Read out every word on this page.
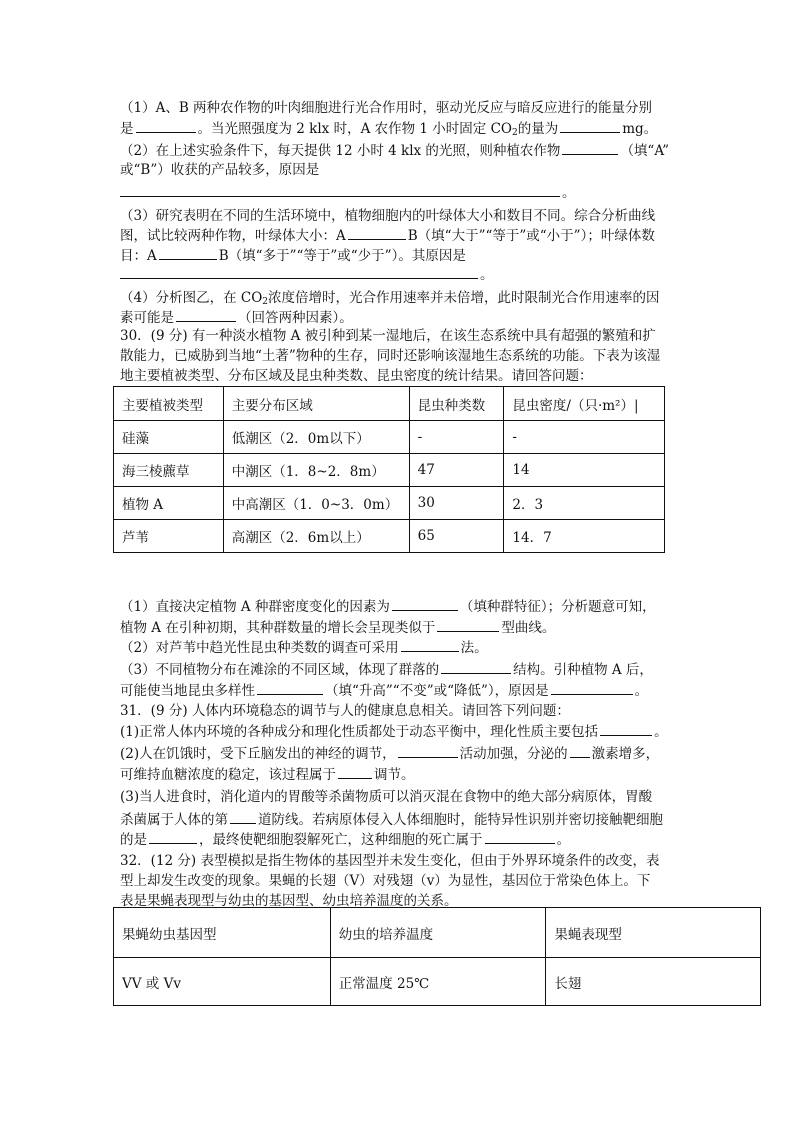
（1）A、B 两种农作物的叶肉细胞进行光合作用时，驱动光反应与暗反应进行的能量分别
是	。当光照强度为 2 klx 时，A 农作物 1 小时固定 $CO_2$的量为	mg。
（2）在上述实验条件下，每天提供 12 小时 4 klx 的光照，则种植农作物	（填“A”
或“B”）收获的产品较多，原因是
。
（3）研究表明在不同的生活环境中，植物细胞内的叶绿体大小和数目不同。综合分析曲线
图，试比较两种作物，叶绿体大小：A	B（填“大于”“等于”或“小于”）；叶绿体数
目：A	B（填“多于”“等于”或“少于”）。其原因是
。
（4）分析图乙，在 $CO_2$浓度倍增时，光合作用速率并未倍增，此时限制光合作用速率的因
素可能是	（回答两种因素）。
30．(9 分) 有一种淡水植物 A 被引种到某一湿地后，在该生态系统中具有超强的繁殖和扩
散能力，已威胁到当地“土著”物种的生存，同时还影响该湿地生态系统的功能。下表为该湿
地主要植被类型、分布区域及昆虫种类数、昆虫密度的统计结果。请回答问题：
主要植被类型	主要分布区域	昆虫种类数	昆虫密度/（只·m²）|
硅藻	低潮区（2．0m以下）	-	-
海三棱藨草	中潮区（1．8~2．8m）	47	14
植物 A	中高潮区（1．0~3．0m）	30	2．3
芦苇	高潮区（2．6m以上）	65	14．7
（1）直接决定植物 A 种群密度变化的因素为	（填种群特征）；分析题意可知，
植物 A 在引种初期，其种群数量的增长会呈现类似于	型曲线。
（2）对芦苇中趋光性昆虫种类数的调查可采用	法。
（3）不同植物分布在滩涂的不同区域，体现了群落的	结构。引种植物 A 后，
可能使当地昆虫多样性	（填“升高”“不变”或“降低”），原因是	。
31．(9 分) 人体内环境稳态的调节与人的健康息息相关。请回答下列问题：
(1)正常人体内环境的各种成分和理化性质都处于动态平衡中，理化性质主要包括	。
(2)人在饥饿时，受下丘脑发出的神经的调节，	活动加强，分泌的 激素增多，
可维持血糖浓度的稳定，该过程属于	调节。
(3)当人进食时，消化道内的胃酸等杀菌物质可以消灭混在食物中的绝大部分病原体，胃酸
杀菌属于人体的第 道防线。若病原体侵入人体细胞时，能特异性识别并密切接触靶细胞
的是	，最终使靶细胞裂解死亡，这种细胞的死亡属于	。
32．(12 分) 表型模拟是指生物体的基因型并未发生变化，但由于外界环境条件的改变，表
型上却发生改变的现象。果蝇的长翅（V）对残翅（v）为显性，基因位于常染色体上。下
表是果蝇表现型与幼虫的基因型、幼虫培养温度的关系。
果蝇幼虫基因型	幼虫的培养温度	果蝇表现型
VV 或 Vv	正常温度 25℃	长翅
